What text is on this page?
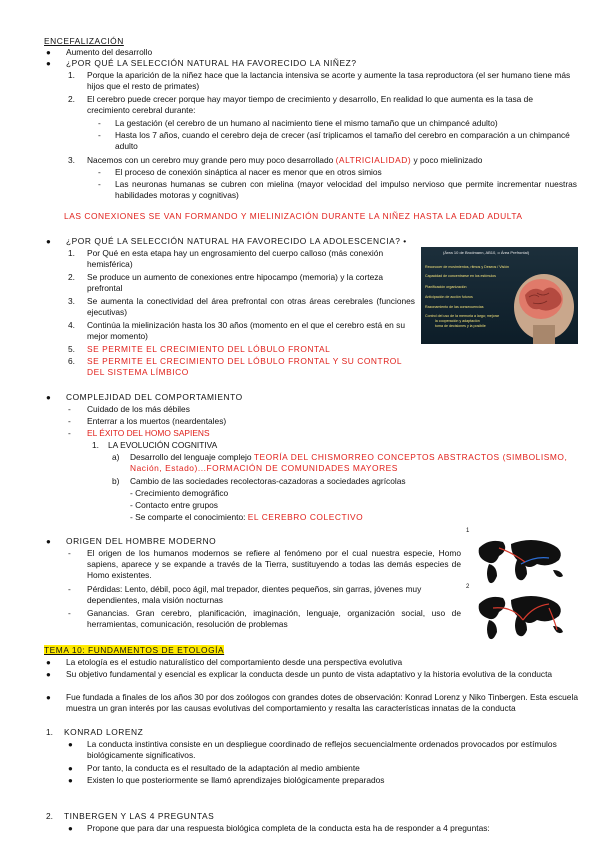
ENCEFALIZACIÓN
● Aumento del desarrollo
● ¿POR QUÉ LA SELECCIÓN NATURAL HA FAVORECIDO LA NIÑEZ?
1. Porque la aparición de la niñez hace que la lactancia intensiva se acorte y aumente la tasa reproductora (el ser humano tiene más hijos que el resto de primates)
2. El cerebro puede crecer porque hay mayor tiempo de crecimiento y desarrollo, En realidad lo que aumenta es la tasa de crecimiento cerebral durante:
- La gestación (el cerebro de un humano al nacimiento tiene el mismo tamaño que un chimpancé adulto)
- Hasta los 7 años, cuando el cerebro deja de crecer (así triplicamos el tamaño del cerebro en comparación a un chimpancé adulto
3. Nacemos con un cerebro muy grande pero muy poco desarrollado (ALTRICIALIDAD) y poco mielinizado
- El proceso de conexión sináptica al nacer es menor que en otros simios
- Las neuronas humanas se cubren con mielina (mayor velocidad del impulso nervioso que permite incrementar nuestras habilidades motoras y cognitivas)
LAS CONEXIONES SE VAN FORMANDO Y MIELINIZACIÓN DURANTE LA NIÑEZ HASTA LA EDAD ADULTA
● ¿POR QUÉ LA SELECCIÓN NATURAL HA FAVORECIDO LA ADOLESCENCIA? •
1. Por Qué en esta etapa hay un engrosamiento del cuerpo calloso (más conexión hemisférica)
2. Se produce un aumento de conexiones entre hipocampo (memoria) y la corteza prefrontal
3. Se aumenta la conectividad del área prefrontal con otras áreas cerebrales (funciones ejecutivas)
4. Continúa la mielinización hasta los 30 años (momento en el que el cerebro está en su mejor momento)
5. SE PERMITE EL CRECIMIENTO DEL LÓBULO FRONTAL
6. SE PERMITE EL CRECIMIENTO DEL LÓBULO FRONTAL Y SU CONTROL DEL SISTEMA LÍMBICO
(Área 10 de Brodmann, AB10, o Área Prefrontal)
Reconocer de movimientos, ritmos y Deseos / Visión
Capacidad de concentrarse en los estímulos
Planificación organización
Anticipación de acción futuros
Razonamiento de las consecuencias
Control del uso de la memoria a largo; mejorar
la cooperación y adaptación
toma de decisiones y la posibile
● COMPLEJIDAD DEL COMPORTAMIENTO
- Cuidado de los más débiles
- Enterrar a los muertos (neardentales)
- EL ÉXITO DEL HOMO SAPIENS
1. LA EVOLUCIÓN COGNITIVA
a) Desarrollo del lenguaje complejo TEORÍA DEL CHISMORREO CONCEPTOS ABSTRACTOS (SIMBOLISMO, Nación, Estado)...FORMACIÓN DE COMUNIDADES MAYORES
b) Cambio de las sociedades recolectoras-cazadoras a sociedades agrícolas
- Crecimiento demográfico
- Contacto entre grupos
- Se comparte el conocimiento: EL CEREBRO COLECTIVO
● ORIGEN DEL HOMBRE MODERNO
- El origen de los humanos modernos se refiere al fenómeno por el cual nuestra especie, Homo sapiens, aparece y se expande a través de la Tierra, sustituyendo a todas las demás especies de Homo existentes.
- Pérdidas: Lento, débil, poco ágil, mal trepador, dientes pequeños, sin garras, jóvenes muy dependientes, mala visión nocturnas
- Ganancias. Gran cerebro, planificación, imaginación, lenguaje, organización social, uso de herramientas, comunicación, resolución de problemas
1
2
TEMA 10: FUNDAMENTOS DE ETOLOGÍA
● La etología es el estudio naturalístico del comportamiento desde una perspectiva evolutiva
● Su objetivo fundamental y esencial es explicar la conducta desde un punto de vista adaptativo y la historia evolutiva de la conducta
● Fue fundada a finales de los años 30 por dos zoólogos con grandes dotes de observación: Konrad Lorenz y Niko Tinbergen. Esta escuela muestra un gran interés por las causas evolutivas del comportamiento y resalta las características innatas de la conducta
1. KONRAD LORENZ
● La conducta instintiva consiste en un despliegue coordinado de reflejos secuencialmente ordenados provocados por estímulos biológicamente significativos.
● Por tanto, la conducta es el resultado de la adaptación al medio ambiente
● Existen lo que posteriormente se llamó aprendizajes biológicamente preparados
2. TINBERGEN Y LAS 4 PREGUNTAS
● Propone que para dar una respuesta biológica completa de la conducta esta ha de responder a 4 preguntas:
